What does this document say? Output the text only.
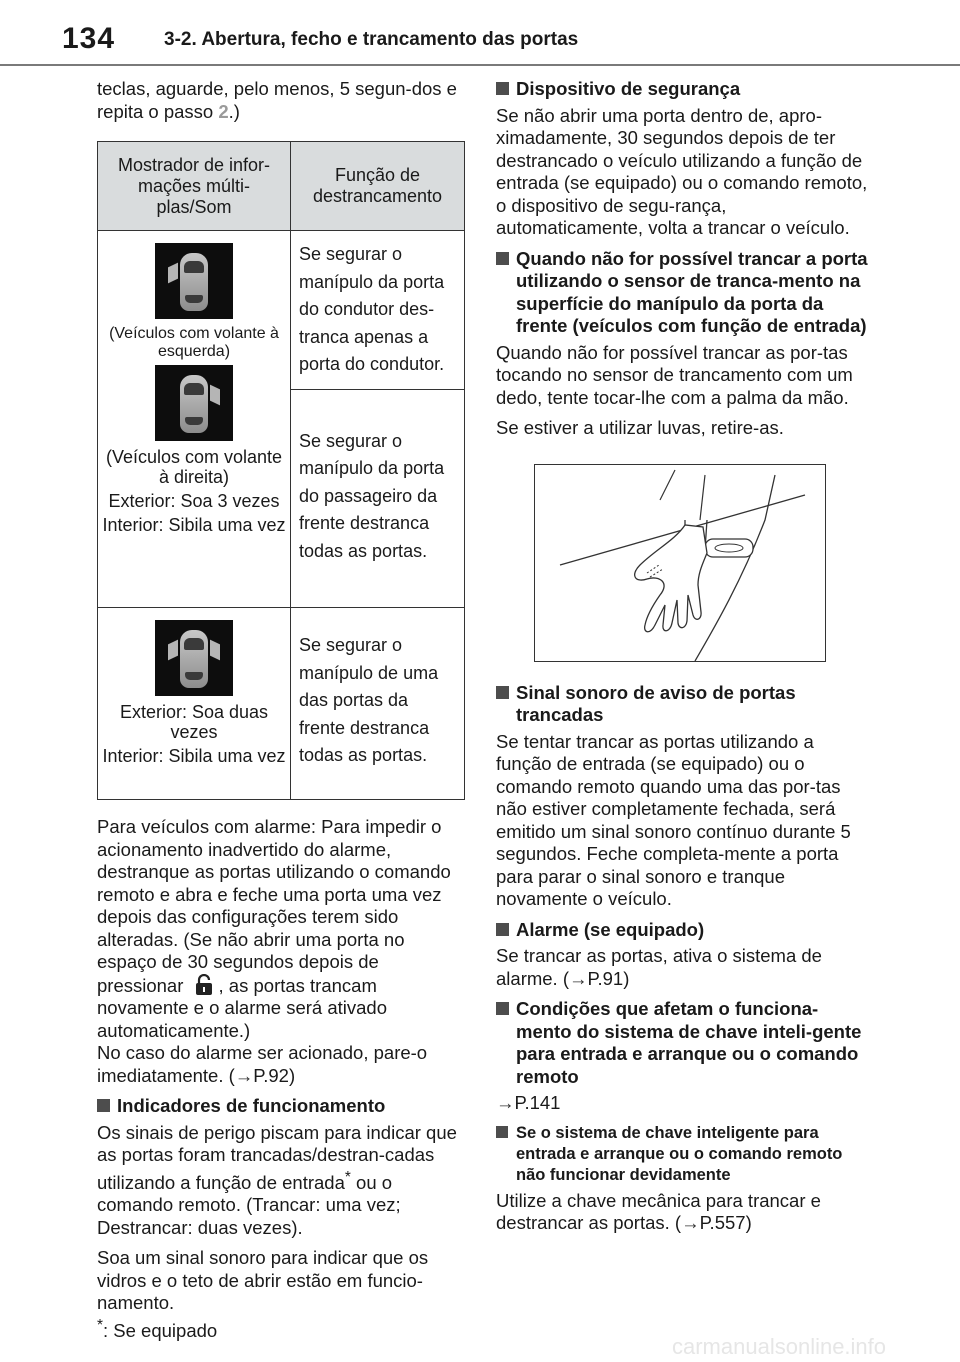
134	3-2. Abertura, fecho e trancamento das portas

teclas, aguarde, pelo menos, 5 segun-dos e repita o passo 2.)

Mostrador de infor-mações múlti-plas/Som	Função de destrancamento

(Veículos com volante à esquerda)
(Veículos com volante à direita)
Exterior: Soa 3 vezes
Interior: Sibila uma vez	Se segurar o manípulo da porta do condutor des-tranca apenas a porta do condutor.
	Se segurar o manípulo da porta do passageiro da frente destranca todas as portas.

Exterior: Soa duas vezes
Interior: Sibila uma vez	Se segurar o manípulo de uma das portas da frente destranca todas as portas.

Para veículos com alarme: Para impedir o acionamento inadvertido do alarme, destranque as portas utilizando o comando remoto e abra e feche uma porta uma vez depois das configurações terem sido alteradas. (Se não abrir uma porta no espaço de 30 segundos depois de pressionar , as portas trancam novamente e o alarme será ativado automaticamente.)

No caso do alarme ser acionado, pare-o imediatamente. (→P.92)

Indicadores de funcionamento

Os sinais de perigo piscam para indicar que as portas foram trancadas/destran-cadas utilizando a função de entrada* ou o comando remoto. (Trancar: uma vez; Destrancar: duas vezes).

Soa um sinal sonoro para indicar que os vidros e o teto de abrir estão em funcio-namento.

*: Se equipado

Dispositivo de segurança

Se não abrir uma porta dentro de, apro-ximadamente, 30 segundos depois de ter destrancado o veículo utilizando a função de entrada (se equipado) ou o comando remoto, o dispositivo de segu-rança, automaticamente, volta a trancar o veículo.

Quando não for possível trancar a porta utilizando o sensor de tranca-mento na superfície do manípulo da porta da frente (veículos com função de entrada)

Quando não for possível trancar as por-tas tocando no sensor de trancamento com um dedo, tente tocar-lhe com a palma da mão.

Se estiver a utilizar luvas, retire-as.

Sinal sonoro de aviso de portas trancadas

Se tentar trancar as portas utilizando a função de entrada (se equipado) ou o comando remoto quando uma das por-tas não estiver completamente fechada, será emitido um sinal sonoro contínuo durante 5 segundos. Feche completa-mente a porta para parar o sinal sonoro e tranque novamente o veículo.

Alarme (se equipado)

Se trancar as portas, ativa o sistema de alarme. (→P.91)

Condições que afetam o funciona-mento do sistema de chave inteli-gente para entrada e arranque ou o comando remoto

→P.141

Se o sistema de chave inteligente para entrada e arranque ou o comando remoto não funcionar devidamente

Utilize a chave mecânica para trancar e destrancar as portas. (→P.557)

carmanualsonline.info
